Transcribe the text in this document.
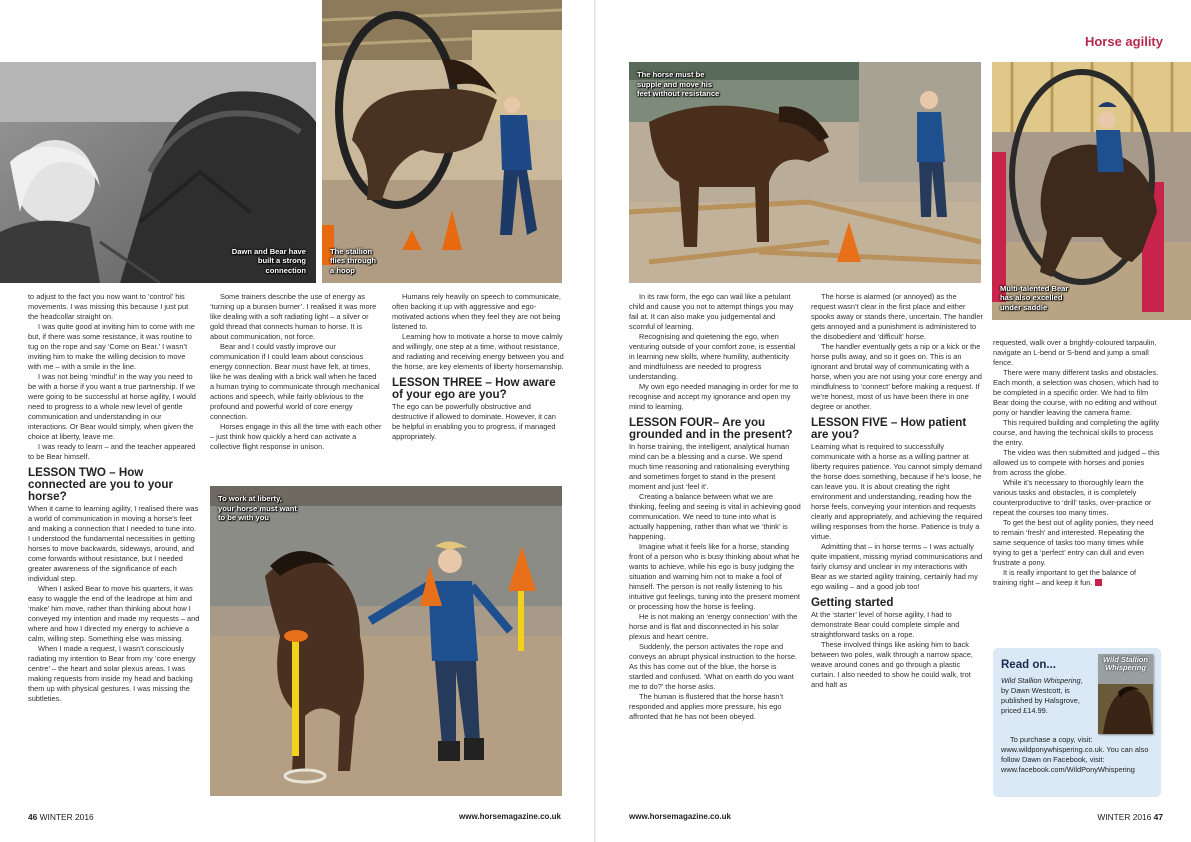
Dawn and Bear have
built a strong
connection
The stallion
flies through
a hoop

to adjust to the fact you now want to ‘control’ his movements. I was missing this because I just put the headcollar straight on.

I was quite good at inviting him to come with me but, if there was some resistance, it was routine to tug on the rope and say ‘Come on Bear.’ I wasn’t inviting him to make the willing decision to move with me – with a smile in the line.

I was not being ‘mindful’ in the way you need to be with a horse if you want a true partnership. If we were going to be successful at horse agility, I would need to progress to a whole new level of gentle communication and understanding in our interactions. Or Bear would simply, when given the choice at liberty, leave me.

I was ready to learn – and the teacher appeared to be Bear himself.

LESSON TWO – How connected are you to your horse?

When it came to learning agility, I realised there was a world of communication in moving a horse’s feet and making a connection that I needed to tune into. I understood the fundamental necessities in getting horses to move backwards, sideways, around, and come forwards without resistance, but I needed greater awareness of the significance of each individual step.

When I asked Bear to move his quarters, it was easy to waggle the end of the leadrope at him and ‘make’ him move, rather than thinking about how I conveyed my intention and made my requests – and where and how I directed my energy to achieve a calm, willing step. Something else was missing.

When I made a request, I wasn’t consciously radiating my intention to Bear from my ‘core energy centre’ – the heart and solar plexus areas. I was making requests from inside my head and backing them up with physical gestures. I was missing the subtleties.

Some trainers describe the use of energy as ‘turning up a bunsen burner’. I realised it was more like dealing with a soft radiating light – a silver or gold thread that connects human to horse. It is about communication, not force.

Bear and I could vastly improve our communication if I could learn about conscious energy connection. Bear must have felt, at times, like he was dealing with a brick wall when he faced a human trying to communicate through mechanical actions and speech, while fairly oblivious to the profound and powerful world of core energy connection.

Horses engage in this all the time with each other – just think how quickly a herd can activate a collective flight response in unison.

Humans rely heavily on speech to communicate, often backing it up with aggressive and ego-motivated actions when they feel they are not being listened to.

Learning how to motivate a horse to move calmly and willingly, one step at a time, without resistance, and radiating and receiving energy between you and the horse, are key elements of liberty horsemanship.

LESSON THREE – How aware of your ego are you?

The ego can be powerfully obstructive and destructive if allowed to dominate. However, it can be helpful in enabling you to progress, if managed appropriately.

To work at liberty,
your horse must want
to be with you
46 WINTER 2016	www.horsemagazine.co.uk
Horse agility
The horse must be
supple and move his
feet without resistance
Multi-talented Bear
has also excelled
under saddle

In its raw form, the ego can wail like a petulant child and cause you not to attempt things you may fail at. It can also make you judgemental and scornful of learning.

Recognising and quietening the ego, when venturing outside of your comfort zone, is essential in learning new skills, where humility, authenticity and mindfulness are needed to progress understanding.

My own ego needed managing in order for me to recognise and accept my ignorance and open my mind to learning.

LESSON FOUR– Are you grounded and in the present?

In horse training, the intelligent, analytical human mind can be a blessing and a curse. We spend much time reasoning and rationalising everything and sometimes forget to stand in the present moment and just ‘feel it’.

Creating a balance between what we are thinking, feeling and seeing is vital in achieving good communication. We need to tune into what is actually happening, rather than what we ‘think’ is happening.

Imagine what it feels like for a horse, standing front of a person who is busy thinking about what he wants to achieve, while his ego is busy judging the situation and warning him not to make a fool of himself. The person is not really listening to his intuitive gut feelings, tuning into the present moment or processing how the horse is feeling.

He is not making an ‘energy connection’ with the horse and is flat and disconnected in his solar plexus and heart centre.

Suddenly, the person activates the rope and conveys an abrupt physical instruction to the horse. As this has come out of the blue, the horse is startled and confused. ‘What on earth do you want me to do?’ the horse asks.

The human is flustered that the horse hasn’t responded and applies more pressure, his ego affronted that he has not been obeyed.

The horse is alarmed (or annoyed) as the request wasn’t clear in the first place and either spooks away or stands there, uncertain. The handler gets annoyed and a punishment is administered to the disobedient and ‘difficult’ horse.

The handler eventually gets a nip or a kick or the horse pulls away, and so it goes on. This is an ignorant and brutal way of communicating with a horse, when you are not using your core energy and mindfulness to ‘connect’ before making a request. If we’re honest, most of us have been there in one degree or another.

LESSON FIVE – How patient are you?

Learning what is required to successfully communicate with a horse as a willing partner at liberty requires patience. You cannot simply demand the horse does something, because if he’s loose, he can leave you. It is about creating the right environment and understanding, reading how the horse feels, conveying your intention and requests clearly and appropriately, and achieving the required willing responses from the horse. Patience is truly a virtue.

Admitting that – in horse terms – I was actually quite impatient, missing myriad communications and fairly clumsy and unclear in my interactions with Bear as we started agility training, certainly had my ego wailing – and a good job too!

Getting started

At the ‘starter’ level of horse agility, I had to demonstrate Bear could complete simple and straightforward tasks on a rope.

These involved things like asking him to back between two poles, walk through a narrow space, weave around cones and go through a plastic curtain. I also needed to show he could walk, trot and halt as

requested, walk over a brightly-coloured tarpaulin, navigate an L-bend or S-bend and jump a small fence.

There were many different tasks and obstacles. Each month, a selection was chosen, which had to be completed in a specific order. We had to film Bear doing the course, with no editing and without pony or handler leaving the camera frame.

This required building and completing the agility course, and having the technical skills to process the entry.

The video was then submitted and judged – this allowed us to compete with horses and ponies from across the globe.

While it’s necessary to thoroughly learn the various tasks and obstacles, it is completely counterproductive to ‘drill’ tasks, over-practice or repeat the courses too many times.

To get the best out of agility ponies, they need to remain ‘fresh’ and interested. Repeating the same sequence of tasks too many times while trying to get a ‘perfect’ entry can dull and even frustrate a pony.

It is really important to get the balance of training right – and keep it fun.

Read on...
Wild Stallion Whispering, by Dawn Westcott, is published by Halsgrove, priced £14.99.
Wild Stallion
Whispering
To purchase a copy, visit: www.wildponywhispering.co.uk. You can also follow Dawn on Facebook, visit: www.facebook.com/WildPonyWhispering
www.horsemagazine.co.uk	WINTER 2016 47
